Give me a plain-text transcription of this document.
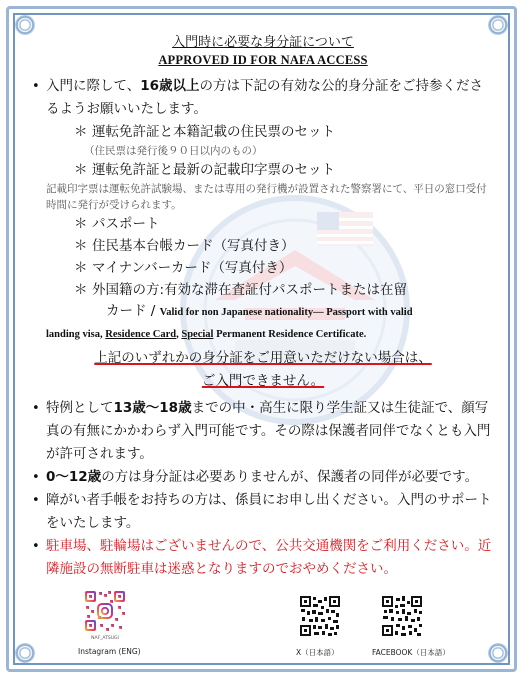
入門時に必要な身分証について

APPROVED ID FOR NAFA ACCESS

• 入門に際して、16歳以上の方は下記の有効な公的身分証をご持参くださるようお願いいたします。

＊ 運転免許証と本籍記載の住民票のセット

（住民票は発行後９０日以内のもの）

＊ 運転免許証と最新の記載印字票のセット

記載印字票は運転免許試験場、または専用の発行機が設置された警察署にて、平日の窓口受付時間に発行が受けられます。

＊ パスポート

＊ 住民基本台帳カード（写真付き）

＊ マイナンバーカード（写真付き）

＊ 外国籍の方:有効な滞在査証付パスポートまたは在留

カード / Valid for non Japanese nationality— Passport with valid
landing visa, Residence Card, Special Permanent Residence Certificate.

上記のいずれかの身分証をご用意いただけない場合は、
ご入門できません。

• 特例として13歳～18歳までの中・高生に限り学生証又は生徒証で、顔写真の有無にかかわらず入門可能です。その際は保護者同伴でなくとも入門が許可されます。

• 0～12歳の方は身分証は必要ありませんが、保護者の同伴が必要です。

• 障がい者手帳をお持ちの方は、係員にお申し出ください。入門のサポートをいたします。

• 駐車場、駐輪場はございませんので、公共交通機関をご利用ください。近隣施設の無断駐車は迷惑となりますのでおやめください。

NAF_ATSUGI
Instagram (ENG)	X（日本語）	FACEBOOK（日本語）
